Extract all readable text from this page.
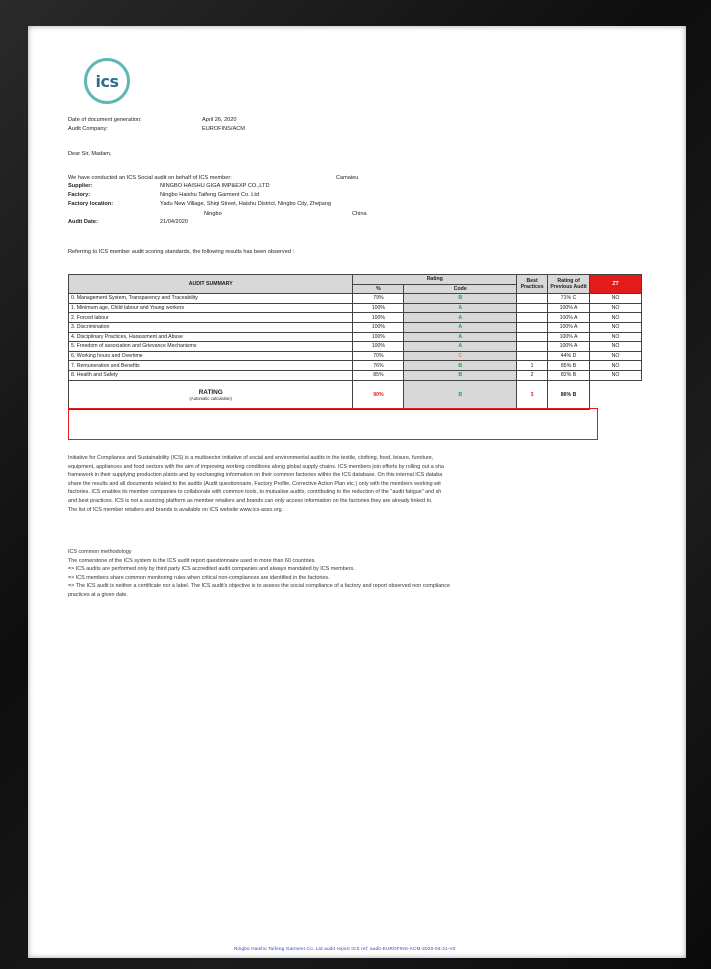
ics
Date of document generation:	April 26, 2020
Audit Company:	EUROFINS/ACM
Dear Sir, Madam,
We have conducted an ICS Social audit on behalf of ICS member:	Camaieu
Supplier:	NINGBO HAISHU GIGA IMP&EXP CO.,LTD
Factory:	Ningbo Haishu Taifeng Garment Co. Ltd
Factory location:	Yadu New Village, Shiqi Street, Haishu District, Ningbo City, Zhejiang
Ningbo	China
Audit Date:	21/04/2020
Referring to ICS member audit scoring standards, the following results has been observed :
AUDIT SUMMARY	Rating		Best Practices	Rating of Previous Audit	ZT
	%	Code			
0. Management System, Transparency and Traceability	79%	B		71% C	NO
1. Minimum age, Child labour and Young workers	100%	A		100% A	NO
2. Forced labour	100%	A		100% A	NO
3. Discrimination	100%	A		100% A	NO
4. Disciplinary Practices, Harassment and Abuse	100%	A		100% A	NO
5. Freedom of association and Grievance Mechanisms	100%	A		100% A	NO
6. Working hours and Overtime	70%	C		44% D	NO
7. Remuneration and Benefits	76%	B	1	85% B	NO
8. Health and Safety	85%	B	2	82% B	NO

RATING
(Automatic calculation)	90%	B	3	86% B	
Initiative for Compliance and Sustainability (ICS) is a multisector initiative of social and environmental audits in the textile, clothing, food, leisure, furniture,
equipment, appliances and food sectors with the aim of improving working conditions along global supply chains. ICS members join efforts by rolling out a sha
framework in their supplying production plants and by exchanging information on their common factories within the ICS database. On this internal ICS databa
share the results and all documents related to the audits (Audit questionnaire, Factory Profile, Corrective Action Plan etc.) only with the members working wit
factories. ICS enables its member companies to collaborate with common tools, to mutualise audits, contributing to the reduction of the "audit fatigue" and sh
and best practices. ICS is not a sourcing platform as member retailers and brands can only access information on the factories they are already linked to.
The list of ICS member retailers and brands is available on ICS website www.ics-asso.org.
ICS common methodology
The cornerstone of the ICS system is the ICS audit report questionnaire used in more than 60 countries.
=> ICS audits are performed only by third party ICS accredited audit companies and always mandated by ICS members.
=> ICS members share common monitoring rules when critical non-compliances are identified in the factories.
=> The ICS audit is neither a certificate nor a label. The ICS audit's objective is to assess the social compliance of a factory and report observed non compliance
practices at a given date.
Ningbo Haishu Taifeng Garment Co. Ltd audit report ICS ref: audit-EUROFINS-ACM-2020-04-21-V2
